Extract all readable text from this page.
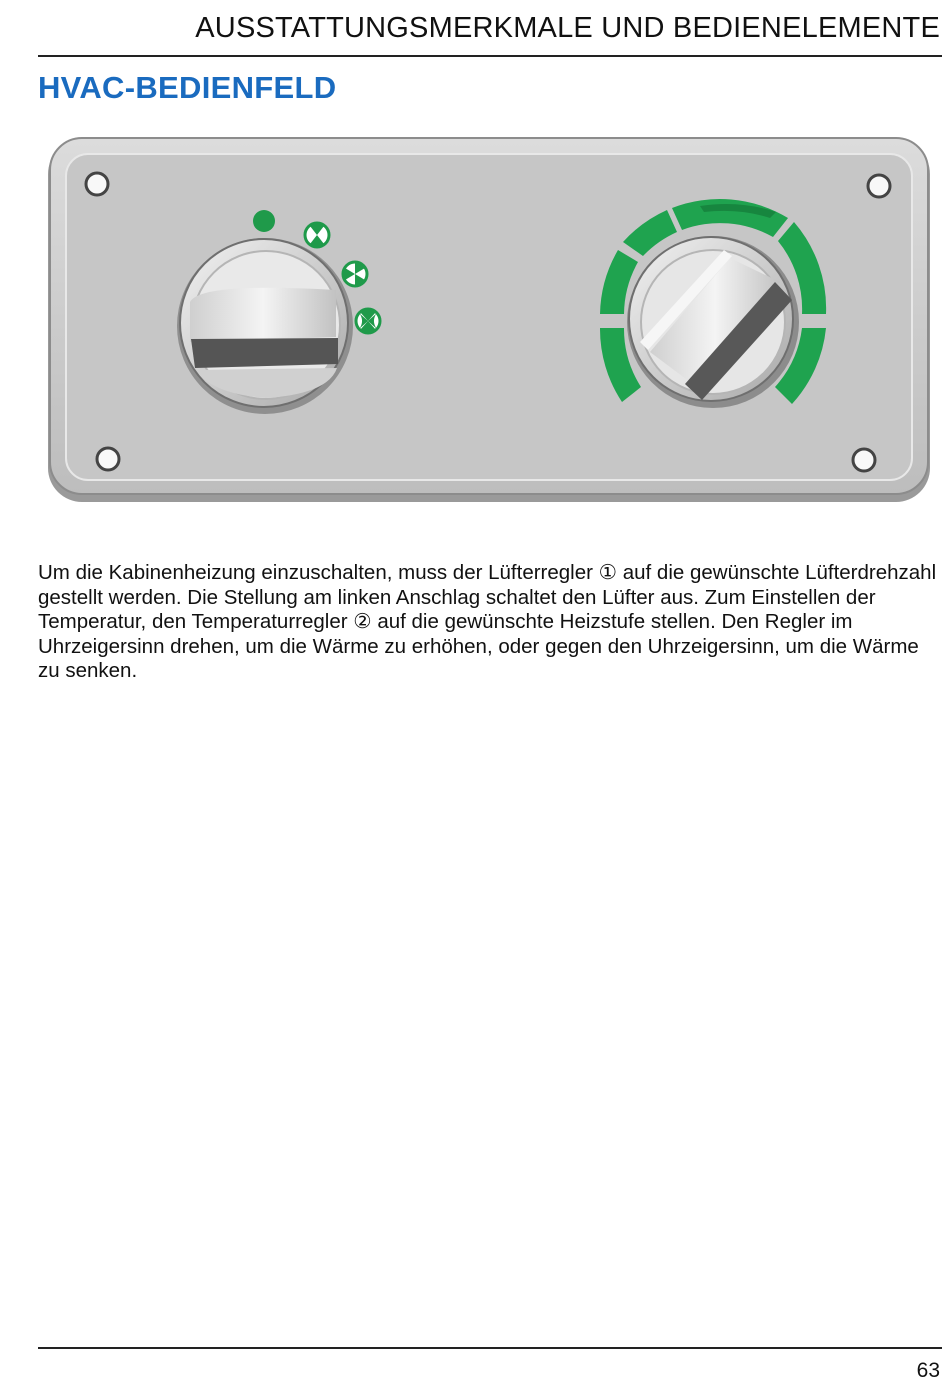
AUSSTATTUNGSMERKMALE UND BEDIENELEMENTE
HVAC-BEDIENFELD

Um die Kabinenheizung einzuschalten, muss der Lüfterregler ① auf die gewünschte Lüfterdrehzahl gestellt werden. Die Stellung am linken Anschlag schaltet den Lüfter aus. Zum Einstellen der Temperatur, den Temperaturregler ② auf die gewünschte Heizstufe stellen. Den Regler im Uhrzeigersinn drehen, um die Wärme zu erhöhen, oder gegen den Uhrzeigersinn, um die Wärme zu senken.

63
